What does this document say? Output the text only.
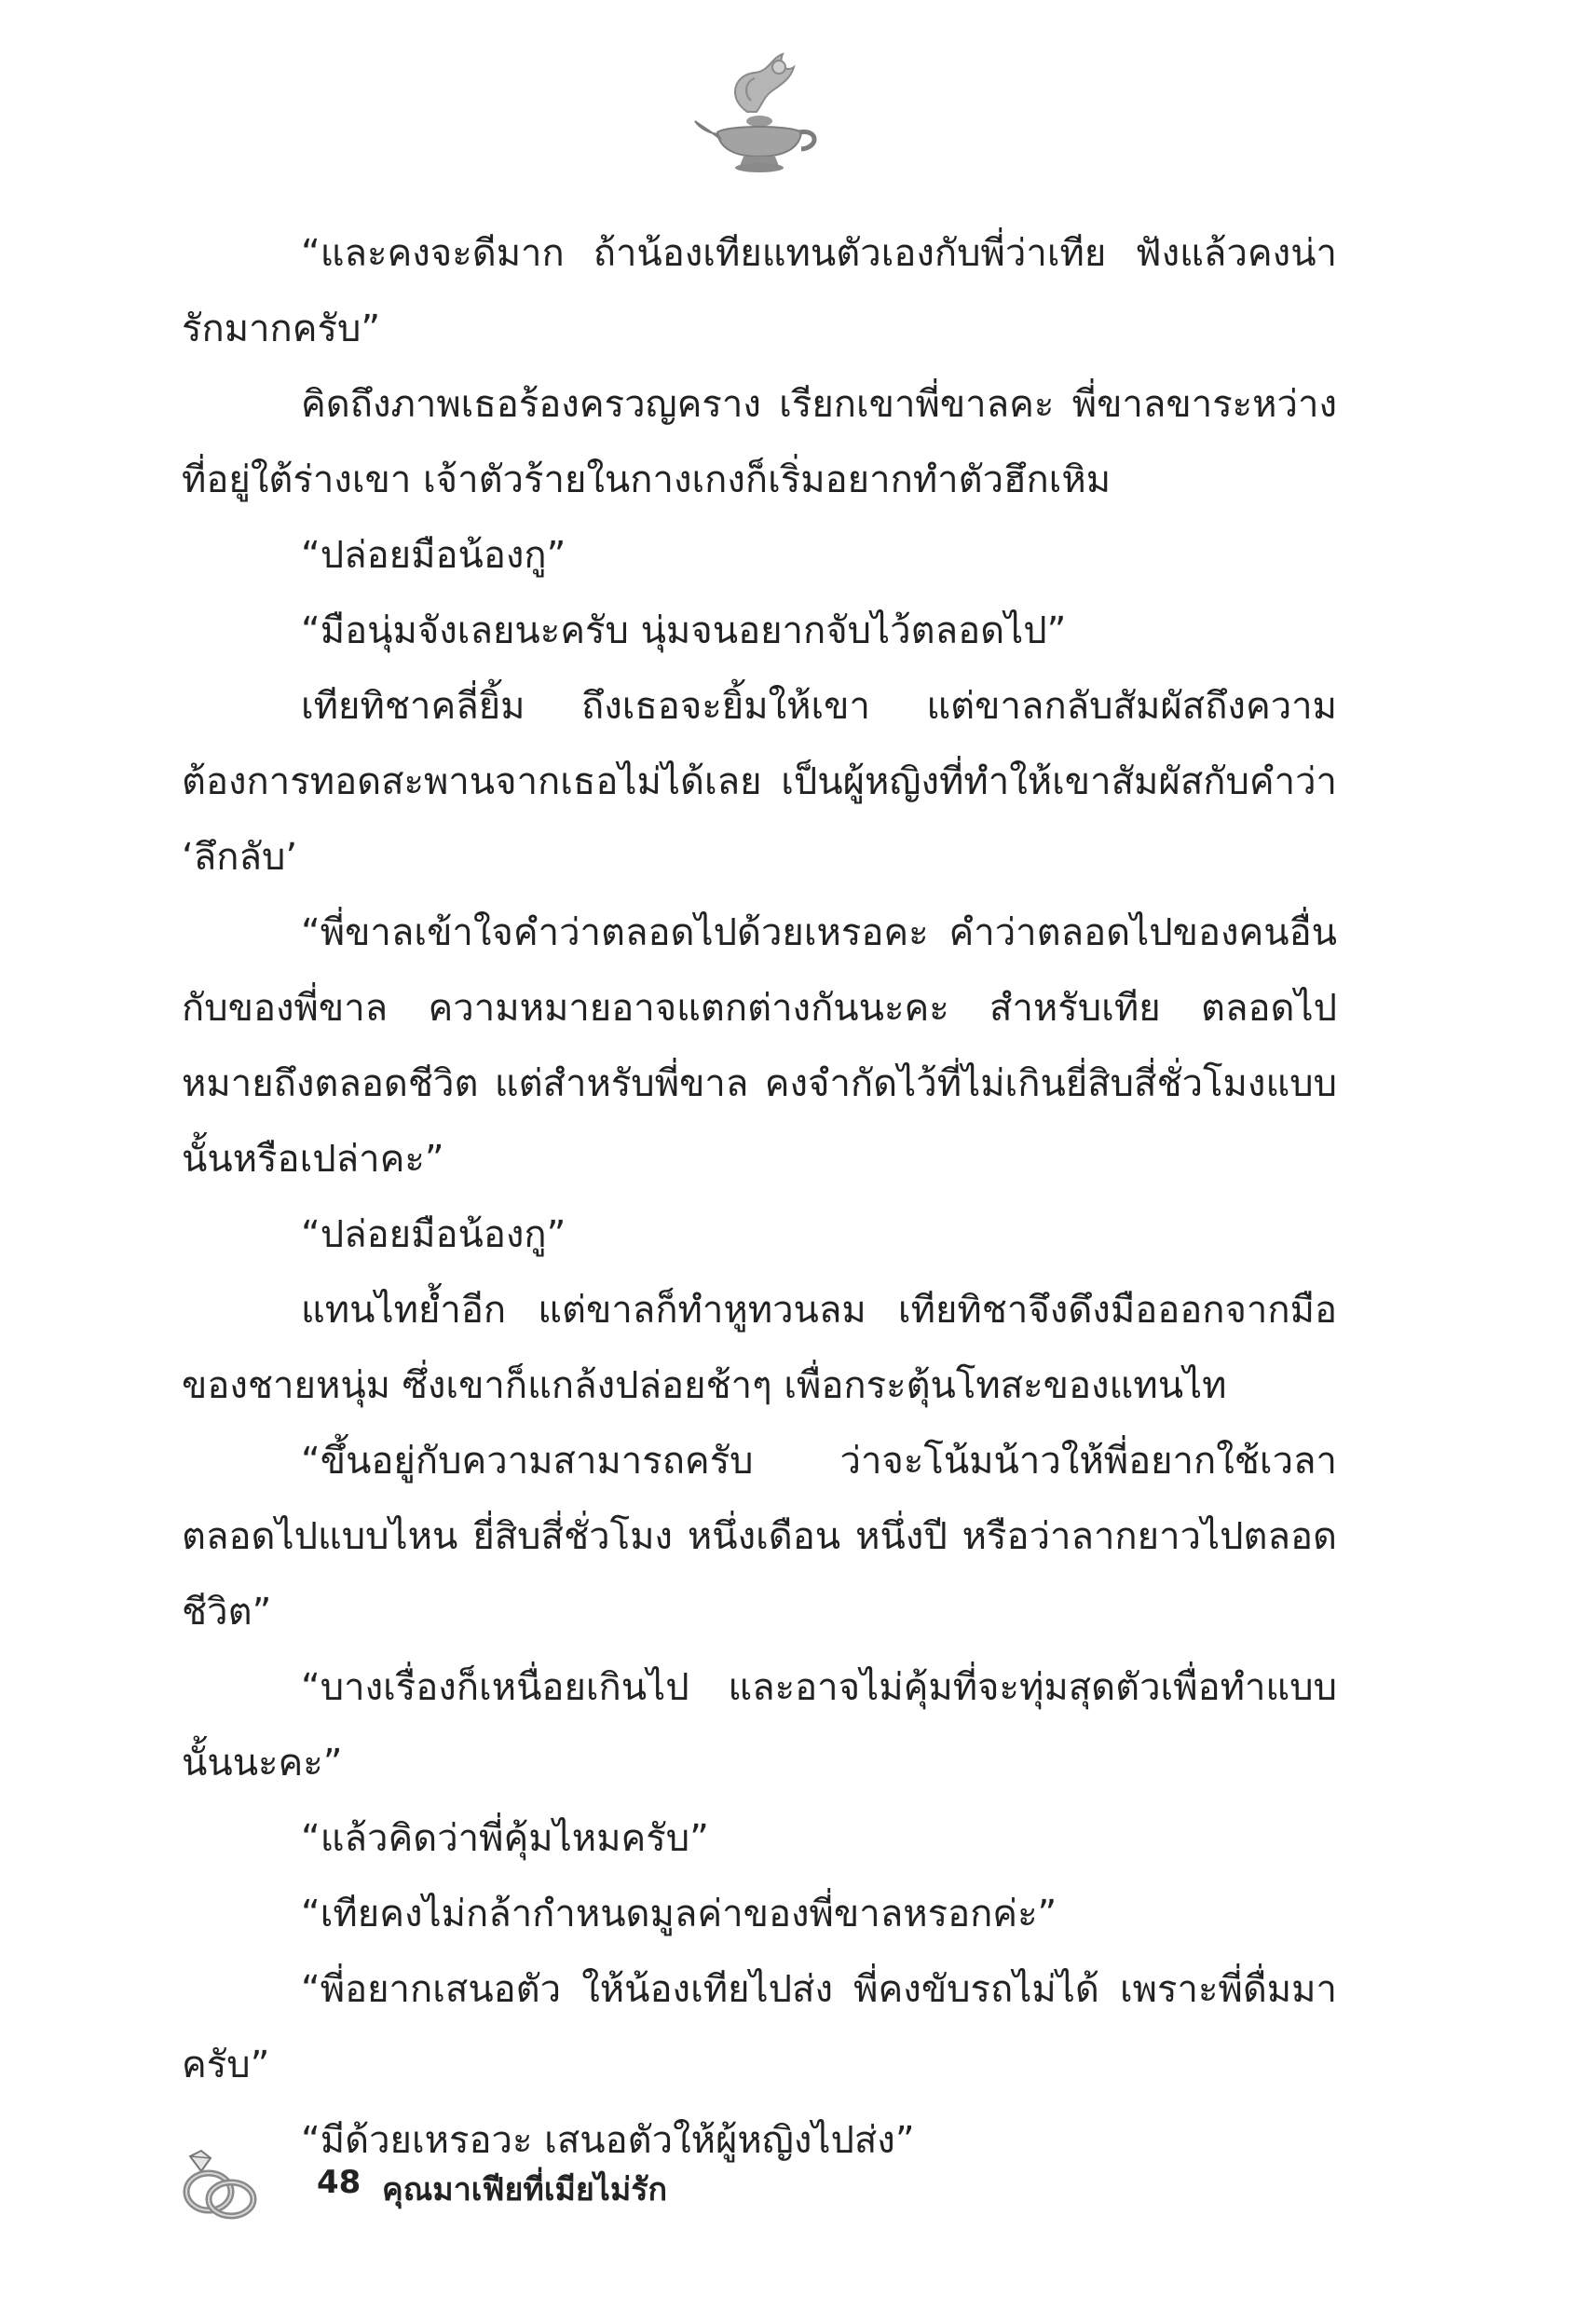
“และคงจะดีมาก ถ้าน้องเทียแทนตัวเองกับพี่ว่าเทีย ฟังแล้วคงน่ารักมากครับ”

คิดถึงภาพเธอร้องครวญคราง เรียกเขาพี่ขาลคะ พี่ขาลขาระหว่างที่อยู่ใต้ร่างเขา เจ้าตัวร้ายในกางเกงก็เริ่มอยากทำตัวฮึกเหิม

“ปล่อยมือน้องกู”

“มือนุ่มจังเลยนะครับ นุ่มจนอยากจับไว้ตลอดไป”

เทียทิชาคลี่ยิ้ม ถึงเธอจะยิ้มให้เขา แต่ขาลกลับสัมผัสถึงความต้องการทอดสะพานจากเธอไม่ได้เลย เป็นผู้หญิงที่ทำให้เขาสัมผัสกับคำว่า ‘ลึกลับ’

“พี่ขาลเข้าใจคำว่าตลอดไปด้วยเหรอคะ คำว่าตลอดไปของคนอื่นกับของพี่ขาล ความหมายอาจแตกต่างกันนะคะ สำหรับเทีย ตลอดไปหมายถึงตลอดชีวิต แต่สำหรับพี่ขาล คงจำกัดไว้ที่ไม่เกินยี่สิบสี่ชั่วโมงแบบนั้นหรือเปล่าคะ”

“ปล่อยมือน้องกู”

แทนไทย้ำอีก แต่ขาลก็ทำหูทวนลม เทียทิชาจึงดึงมือออกจากมือของชายหนุ่ม ซึ่งเขาก็แกล้งปล่อยช้าๆ เพื่อกระตุ้นโทสะของแทนไท

“ขึ้นอยู่กับความสามารถครับ ว่าจะโน้มน้าวให้พี่อยากใช้เวลาตลอดไปแบบไหน ยี่สิบสี่ชั่วโมง หนึ่งเดือน หนึ่งปี หรือว่าลากยาวไปตลอดชีวิต”

“บางเรื่องก็เหนื่อยเกินไป และอาจไม่คุ้มที่จะทุ่มสุดตัวเพื่อทำแบบนั้นนะคะ”

“แล้วคิดว่าพี่คุ้มไหมครับ”

“เทียคงไม่กล้ากำหนดมูลค่าของพี่ขาลหรอกค่ะ”

“พี่อยากเสนอตัว ให้น้องเทียไปส่ง พี่คงขับรถไม่ได้ เพราะพี่ดื่มมาครับ”

“มีด้วยเหรอวะ เสนอตัวให้ผู้หญิงไปส่ง”

48 คุณมาเฟียที่เมียไม่รัก
